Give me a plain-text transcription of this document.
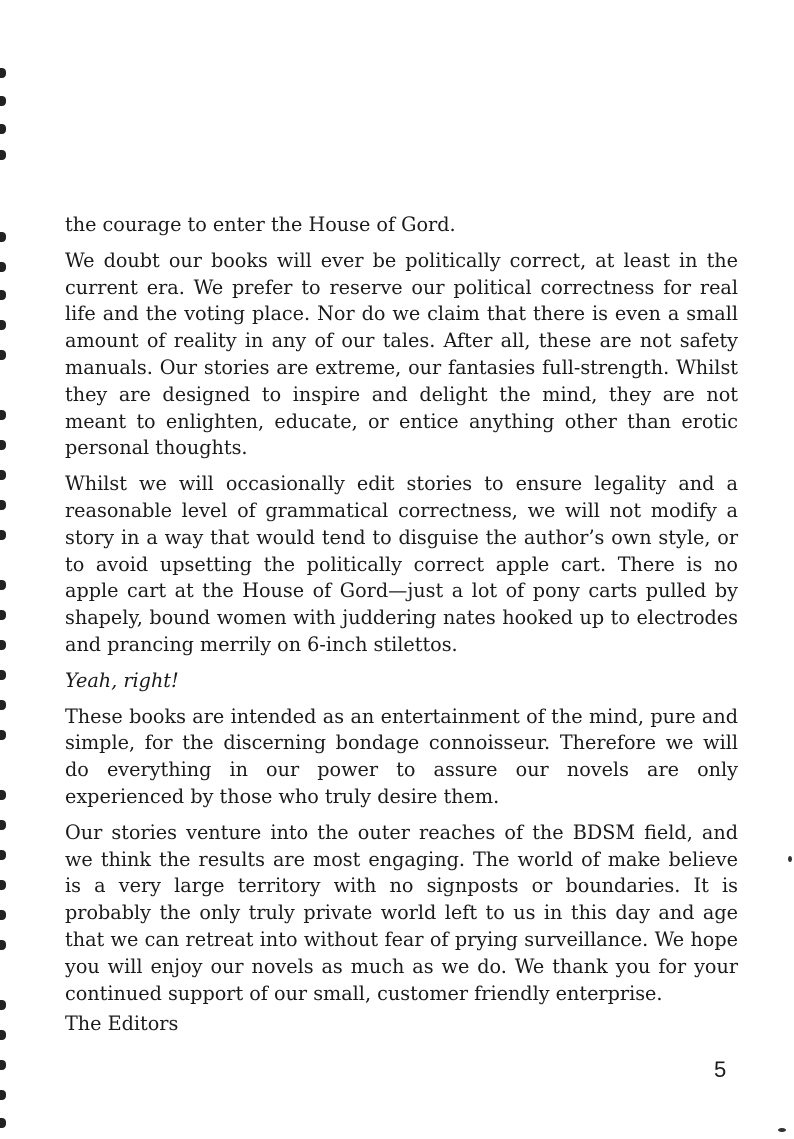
the courage to enter the House of Gord.

We doubt our books will ever be politically correct, at least in the current era. We prefer to reserve our political correctness for real life and the voting place. Nor do we claim that there is even a small amount of reality in any of our tales. After all, these are not safety manuals. Our stories are extreme, our fantasies full-strength. Whilst they are designed to inspire and delight the mind, they are not meant to enlighten, educate, or entice anything other than erotic personal thoughts.

Whilst we will occasionally edit stories to ensure legality and a reasonable level of grammatical correctness, we will not modify a story in a way that would tend to disguise the author’s own style, or to avoid upsetting the politically correct apple cart. There is no apple cart at the House of Gord—just a lot of pony carts pulled by shapely, bound women with juddering nates hooked up to electrodes and prancing merrily on 6-inch stilettos.

Yeah, right!

These books are intended as an entertainment of the mind, pure and simple, for the discerning bondage connoisseur. Therefore we will do everything in our power to assure our novels are only experienced by those who truly desire them.

Our stories venture into the outer reaches of the BDSM field, and we think the results are most engaging. The world of make believe is a very large territory with no signposts or boundaries. It is probably the only truly private world left to us in this day and age that we can retreat into without fear of prying surveillance. We hope you will enjoy our novels as much as we do. We thank you for your continued support of our small, customer friendly enterprise.

The Editors

5
